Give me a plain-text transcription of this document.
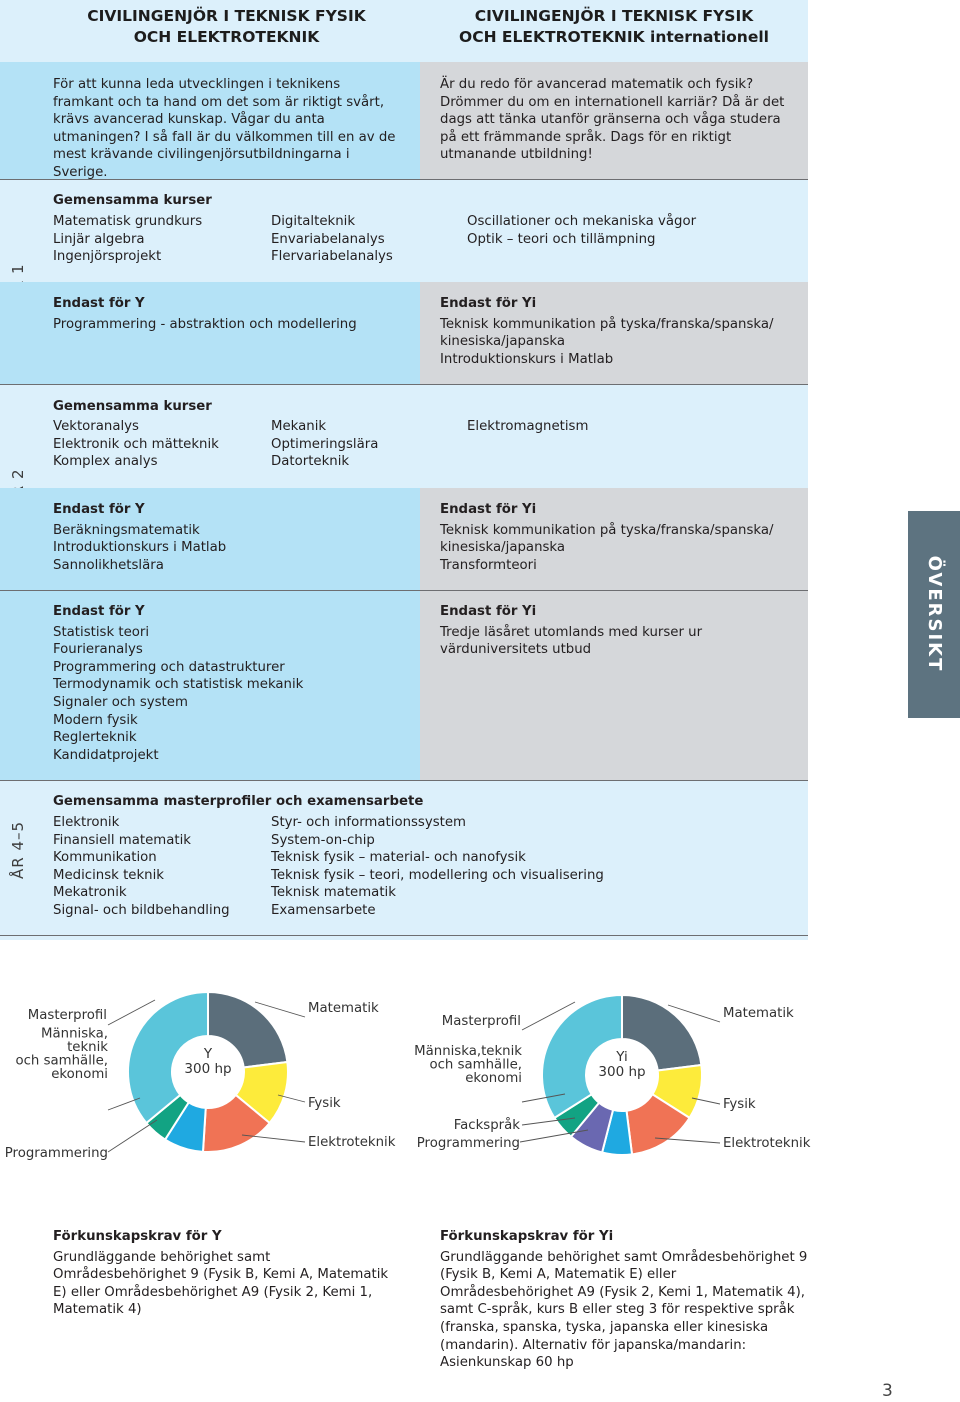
CIVILINGENJÖR I TEKNISK FYSIK
OCH ELEKTROTEKNIK
CIVILINGENJÖR I TEKNISK FYSIK
OCH ELEKTROTEKNIK internationell
För att kunna leda utvecklingen i teknikens framkant och ta hand om det som är riktigt svårt, krävs avancerad kunskap. Vågar du anta utmaningen? I så fall är du välkommen till en av de mest krävande civilingenjörsutbildningarna i Sverige.
Är du redo för avancerad matematik och fysik? Drömmer du om en internationell karriär? Då är det dags att tänka utanför gränserna och våga studera på ett främmande språk. Dags för en riktigt utmanande utbildning!
Gemensamma kurser
Matematisk grundkurs
Linjär algebra
Ingenjörsprojekt
Digitalteknik
Envariabelanalys
Flervariabelanalys
Oscillationer och mekaniska vågor
Optik – teori och tillämpning
Endast för Y
Programmering - abstraktion och modellering
Endast för Yi
Teknisk kommunikation på tyska/franska/spanska/
kinesiska/japanska
Introduktionskurs i Matlab
Gemensamma kurser
Vektoranalys
Elektronik och mätteknik
Komplex analys
Mekanik
Optimeringslära
Datorteknik
Elektromagnetism
Endast för Y
Beräkningsmatematik
Introduktionskurs i Matlab
Sannolikhetslära
Endast för Yi
Teknisk kommunikation på tyska/franska/spanska/
kinesiska/japanska
Transformteori
Endast för Y
Statistisk teori
Fourieranalys
Programmering och datastrukturer
Termodynamik och statistisk mekanik
Signaler och system
Modern fysik
Reglerteknik
Kandidatprojekt
Endast för Yi
Tredje läsåret utomlands med kurser ur
värduniversitets utbud
ÅR 4–5
Gemensamma masterprofiler och examensarbete
Elektronik
Finansiell matematik
Kommunikation
Medicinsk teknik
Mekatronik
Signal- och bildbehandling
Styr- och informationssystem
System-on-chip
Teknisk fysik – material- och nanofysik
Teknisk fysik – teori, modellering och visualisering
Teknisk matematik
Examensarbete
ÖVERSIKT
Y
300 hp
Matematik
Fysik
Elektroteknik
Programmering
Människa,
teknik
och samhälle,
ekonomi
Masterprofil
Yi
300 hp
Matematik
Fysik
Elektroteknik
Programmering
Fackspråk
Människa,teknik
och samhälle,
ekonomi
Masterprofil

Förkunskapskrav för Y

Grundläggande behörighet samt Områdesbehörighet 9 (Fysik B, Kemi A, Matematik E) eller Områdesbehörighet A9 (Fysik 2, Kemi 1, Matematik 4)

Förkunskapskrav för Yi

Grundläggande behörighet samt Områdesbehörighet 9 (Fysik B, Kemi A, Matematik E) eller Områdesbehörighet A9 (Fysik 2, Kemi 1, Matematik 4), samt C-språk, kurs B eller steg 3 för respektive språk (franska, spanska, tyska, japanska eller kinesiska (mandarin). Alternativ för japanska/mandarin: Asienkunskap 60 hp

3
